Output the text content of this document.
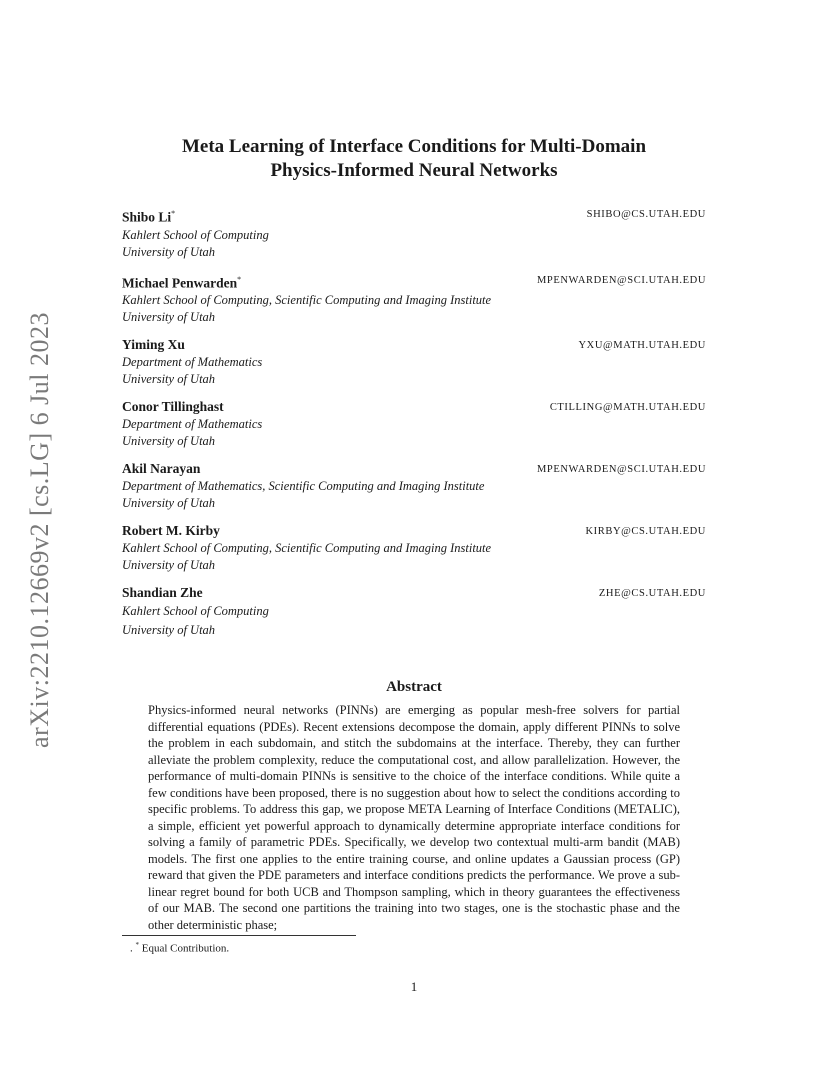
arXiv:2210.12669v2 [cs.LG] 6 Jul 2023
Meta Learning of Interface Conditions for Multi-Domain
Physics-Informed Neural Networks
Shibo Li*	SHIBO@CS.UTAH.EDU
Kahlert School of Computing
University of Utah
Michael Penwarden*	MPENWARDEN@SCI.UTAH.EDU
Kahlert School of Computing, Scientific Computing and Imaging Institute
University of Utah
Yiming Xu	YXU@MATH.UTAH.EDU
Department of Mathematics
University of Utah
Conor Tillinghast	CTILLING@MATH.UTAH.EDU
Department of Mathematics
University of Utah
Akil Narayan	MPENWARDEN@SCI.UTAH.EDU
Department of Mathematics, Scientific Computing and Imaging Institute
University of Utah
Robert M. Kirby	KIRBY@CS.UTAH.EDU
Kahlert School of Computing, Scientific Computing and Imaging Institute
University of Utah
Shandian Zhe	ZHE@CS.UTAH.EDU
Kahlert School of Computing
University of Utah
Abstract
Physics-informed neural networks (PINNs) are emerging as popular mesh-free solvers for partial differential equations (PDEs). Recent extensions decompose the domain, apply different PINNs to solve the problem in each subdomain, and stitch the subdomains at the interface. Thereby, they can further alleviate the problem complexity, reduce the computational cost, and allow parallelization. However, the performance of multi-domain PINNs is sensitive to the choice of the interface conditions. While quite a few conditions have been proposed, there is no suggestion about how to select the conditions according to specific problems. To address this gap, we propose META Learning of Interface Conditions (METALIC), a simple, efficient yet powerful approach to dynamically determine appropriate interface conditions for solving a family of parametric PDEs. Specifically, we develop two contextual multi-arm bandit (MAB) models. The first one applies to the entire training course, and online updates a Gaussian process (GP) reward that given the PDE parameters and interface conditions predicts the performance. We prove a sub-linear regret bound for both UCB and Thompson sampling, which in theory guarantees the effectiveness of our MAB. The second one partitions the training into two stages, one is the stochastic phase and the other deterministic phase;
. * Equal Contribution.
1
